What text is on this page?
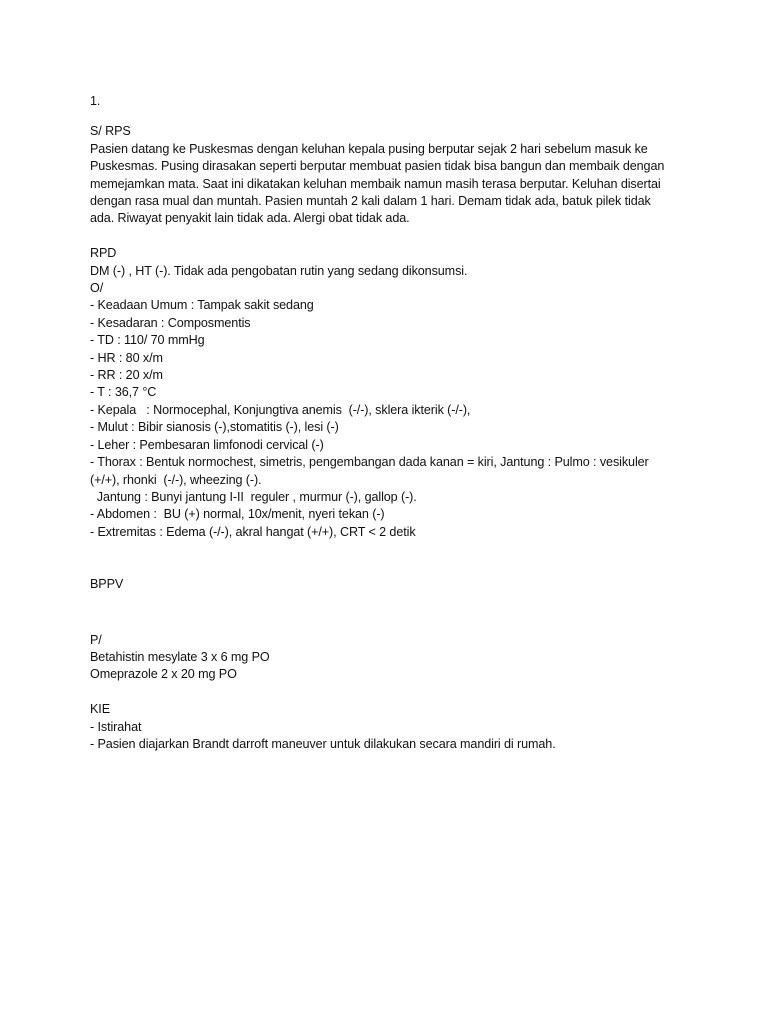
1.
S/ RPS
Pasien datang ke Puskesmas dengan keluhan kepala pusing berputar sejak 2 hari sebelum masuk ke
Puskesmas. Pusing dirasakan seperti berputar membuat pasien tidak bisa bangun dan membaik dengan
memejamkan mata. Saat ini dikatakan keluhan membaik namun masih terasa berputar. Keluhan disertai
dengan rasa mual dan muntah. Pasien muntah 2 kali dalam 1 hari. Demam tidak ada, batuk pilek tidak
ada. Riwayat penyakit lain tidak ada. Alergi obat tidak ada.
RPD
DM (-) , HT (-). Tidak ada pengobatan rutin yang sedang dikonsumsi.
O/
- Keadaan Umum : Tampak sakit sedang
- Kesadaran : Composmentis
- TD : 110/ 70 mmHg
- HR : 80 x/m
- RR : 20 x/m
- T : 36,7 °C
- Kepala   : Normocephal, Konjungtiva anemis  (-/-), sklera ikterik (-/-),
- Mulut : Bibir sianosis (-),stomatitis (-), lesi (-)
- Leher : Pembesaran limfonodi cervical (-)
- Thorax : Bentuk normochest, simetris, pengembangan dada kanan = kiri, Jantung : Pulmo : vesikuler
(+/+), rhonki  (-/-), wheezing (-).
Jantung : Bunyi jantung I-II  reguler , murmur (-), gallop (-).
- Abdomen :  BU (+) normal, 10x/menit, nyeri tekan (-)
- Extremitas : Edema (-/-), akral hangat (+/+), CRT < 2 detik
BPPV
P/
Betahistin mesylate 3 x 6 mg PO
Omeprazole 2 x 20 mg PO
KIE
- Istirahat
- Pasien diajarkan Brandt darroft maneuver untuk dilakukan secara mandiri di rumah.
